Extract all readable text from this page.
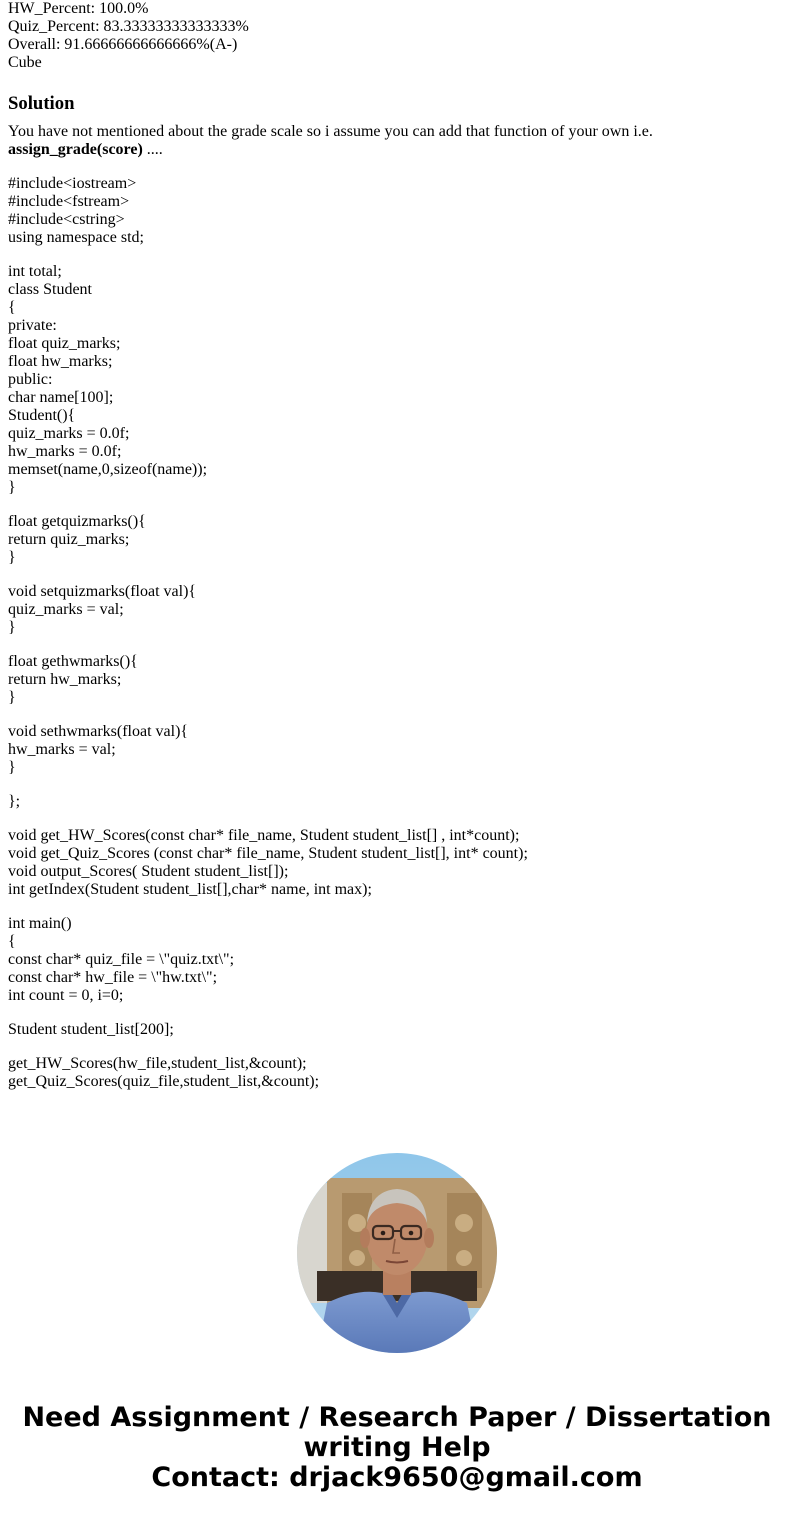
HW_Percent: 100.0%
Quiz_Percent: 83.33333333333333%
Overall: 91.66666666666666%(A-)
Cube
Solution
You have not mentioned about the grade scale so i assume you can add that function of your own i.e.
assign_grade(score) ....
#include<iostream>
#include<fstream>
#include<cstring>
using namespace std;
int total;
class Student
{
private:
float quiz_marks;
float hw_marks;
public:
char name[100];
Student(){
quiz_marks = 0.0f;
hw_marks = 0.0f;
memset(name,0,sizeof(name));
}
float getquizmarks(){
return quiz_marks;
}
void setquizmarks(float val){
quiz_marks = val;
}
float gethwmarks(){
return hw_marks;
}
void sethwmarks(float val){
hw_marks = val;
}
};
void get_HW_Scores(const char* file_name, Student student_list[] , int*count);
void get_Quiz_Scores (const char* file_name, Student student_list[], int* count);
void output_Scores( Student student_list[]);
int getIndex(Student student_list[],char* name, int max);
int main()
{
const char* quiz_file = \"quiz.txt\";
const char* hw_file = \"hw.txt\";
int count = 0, i=0;
Student student_list[200];
get_HW_Scores(hw_file,student_list,&count);
get_Quiz_Scores(quiz_file,student_list,&count);
Need Assignment / Research Paper / Dissertation
writing Help
Contact: drjack9650@gmail.com
